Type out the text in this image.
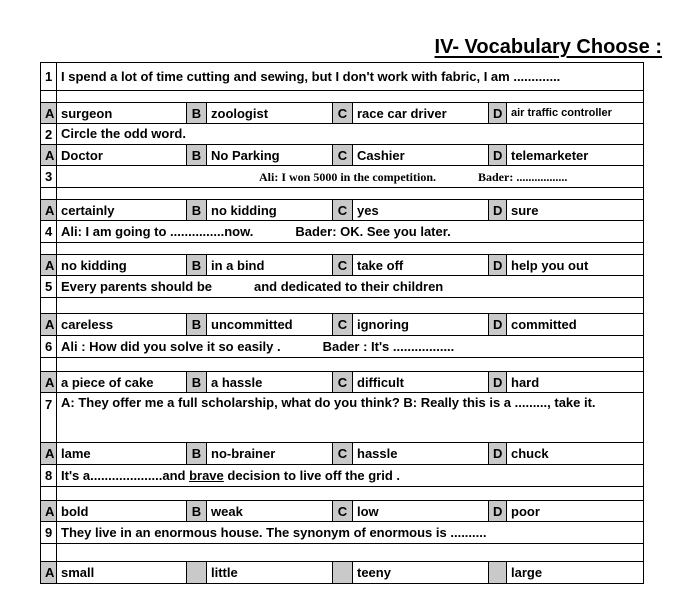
IV- Vocabulary Choose :
1	I spend a lot of time cutting and sewing, but I don't work with fabric, I am .............						

A	surgeon	B	zoologist	C	race car driver	D	air traffic controller
2	Circle the odd word.						
A	Doctor	B	No Parking	C	Cashier	D	telemarketer
3	Ali: I won 5000 in the competition. Bader: .................						

A	certainly	B	no kidding	C	yes	D	sure
4	Ali: I am going to ...............now. Bader: OK. See you later.						

A	no kidding	B	in a bind	C	take off	D	help you out
5	Every parents should be and dedicated to their children						

A	careless	B	uncommitted	C	ignoring	D	committed
6	Ali : How did you solve it so easily . Bader : It's .................						

A	a piece of cake	B	a hassle	C	difficult	D	hard
7	A: They offer me a full scholarship, what do you think? B: Really this is a ........., take it.						
A	lame	B	no-brainer	C	hassle	D	chuck
8	It's a....................and brave decision to live off the grid .						

A	bold	B	weak	C	low	D	poor
9	They live in an enormous house. The synonym of enormous is ..........						

A	small		little		teeny		large
